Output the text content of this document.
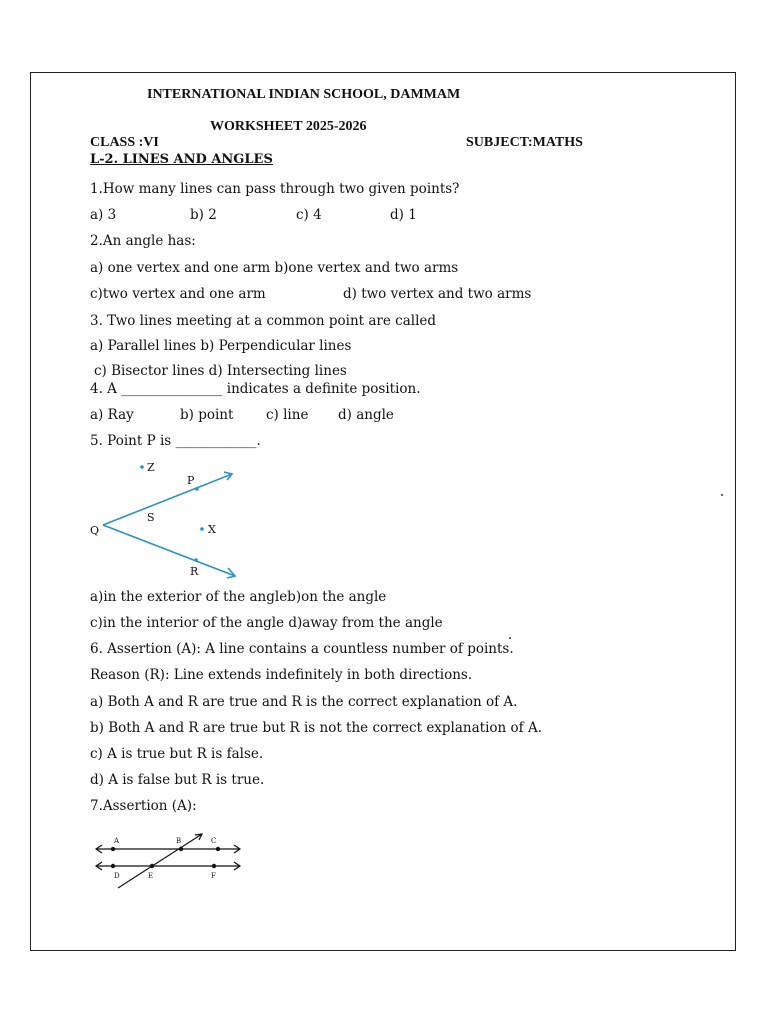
INTERNATIONAL INDIAN SCHOOL, DAMMAM
WORKSHEET 2025-2026
CLASS :VI	SUBJECT:MATHS
L-2. LINES AND ANGLES
1.How many lines can pass through two given points?
a) 3	b) 2	c) 4	d) 1
2.An angle has:
a) one vertex and one arm b)one vertex and two arms
c)two vertex and one arm	d) two vertex and two arms
3. Two lines meeting at a common point are called
a) Parallel lines b) Perpendicular lines
c) Bisector lines d) Intersecting lines
4. A _______________ indicates a definite position.
a) Ray	b) point c) line d) angle
5. Point P is ____________.
Z
P
S
Q	X
R
a)in the exterior of the angleb)on the angle
c)in the interior of the angle d)away from the angle
6. Assertion (A): A line contains a countless number of points.
Reason (R): Line extends indefinitely in both directions.
a) Both A and R are true and R is the correct explanation of A.
b) Both A and R are true but R is not the correct explanation of A.
c) A is true but R is false.
d) A is false but R is true.
7.Assertion (A):
A	B	C
D	E	F
